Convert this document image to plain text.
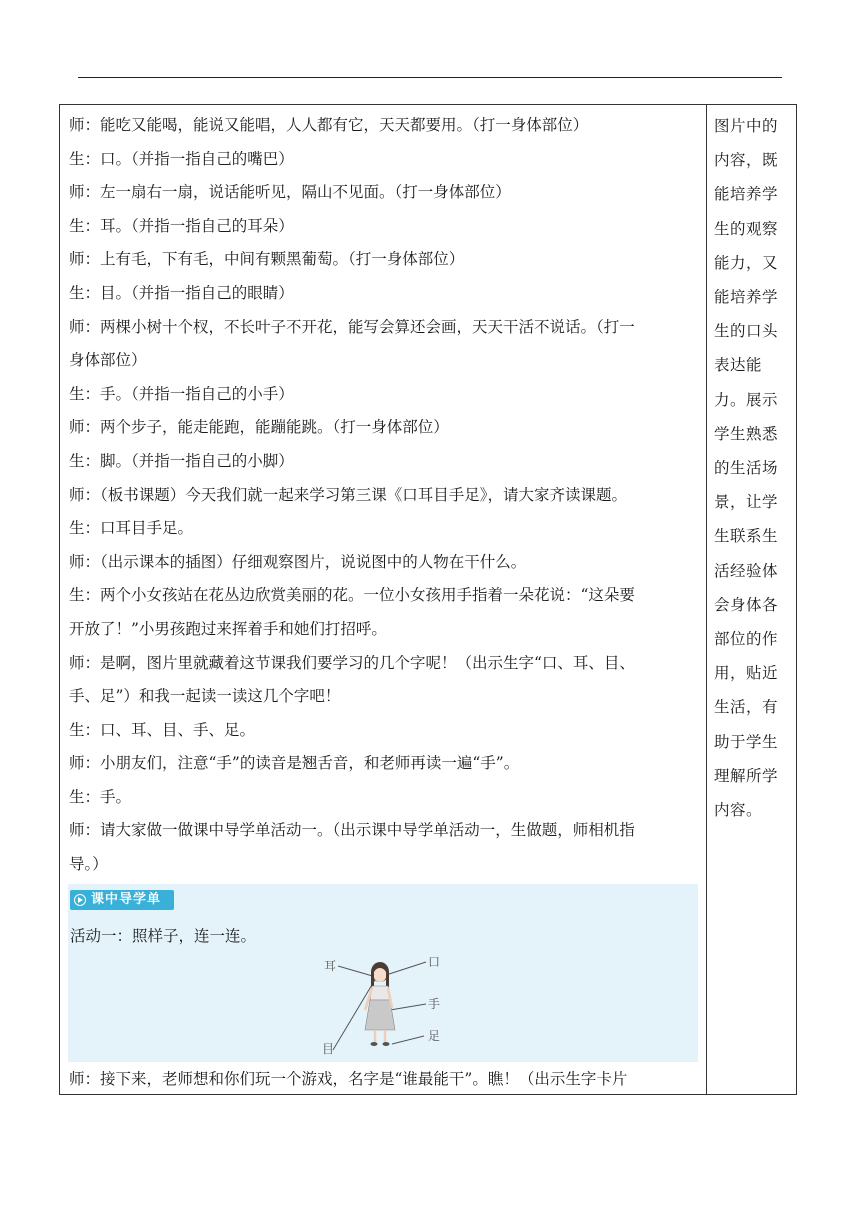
师：能吃又能喝，能说又能唱，人人都有它，天天都要用。（打一身体部位）
生：口。（并指一指自己的嘴巴）
师：左一扇右一扇，说话能听见，隔山不见面。（打一身体部位）
生：耳。（并指一指自己的耳朵）
师：上有毛，下有毛，中间有颗黑葡萄。（打一身体部位）
生：目。（并指一指自己的眼睛）
师：两棵小树十个杈，不长叶子不开花，能写会算还会画，天天干活不说话。（打一
身体部位）
生：手。（并指一指自己的小手）
师：两个步子，能走能跑，能蹦能跳。（打一身体部位）
生：脚。（并指一指自己的小脚）
师：（板书课题）今天我们就一起来学习第三课《口耳目手足》，请大家齐读课题。
生：口耳目手足。
师：（出示课本的插图）仔细观察图片，说说图中的人物在干什么。
生：两个小女孩站在花丛边欣赏美丽的花。一位小女孩用手指着一朵花说：“这朵要
开放了！”小男孩跑过来挥着手和她们打招呼。
师：是啊，图片里就藏着这节课我们要学习的几个字呢！（出示生字“口、耳、目、
手、足”）和我一起读一读这几个字吧！
生：口、耳、目、手、足。
师：小朋友们，注意“手”的读音是翘舌音，和老师再读一遍“手”。
生：手。
师：请大家做一做课中导学单活动一。（出示课中导学单活动一，生做题，师相机指
导。）
图片中的
内容，既
能培养学
生的观察
能力，又
能培养学
生的口头
表达能
力。展示
学生熟悉
的生活场
景，让学
生联系生
活经验体
会身体各
部位的作
用，贴近
生活，有
助于学生
理解所学
内容。
课中导学单
活动一：照样子，连一连。
耳	口
手
目
足
师：接下来，老师想和你们玩一个游戏，名字是“谁最能干”。瞧！（出示生字卡片
